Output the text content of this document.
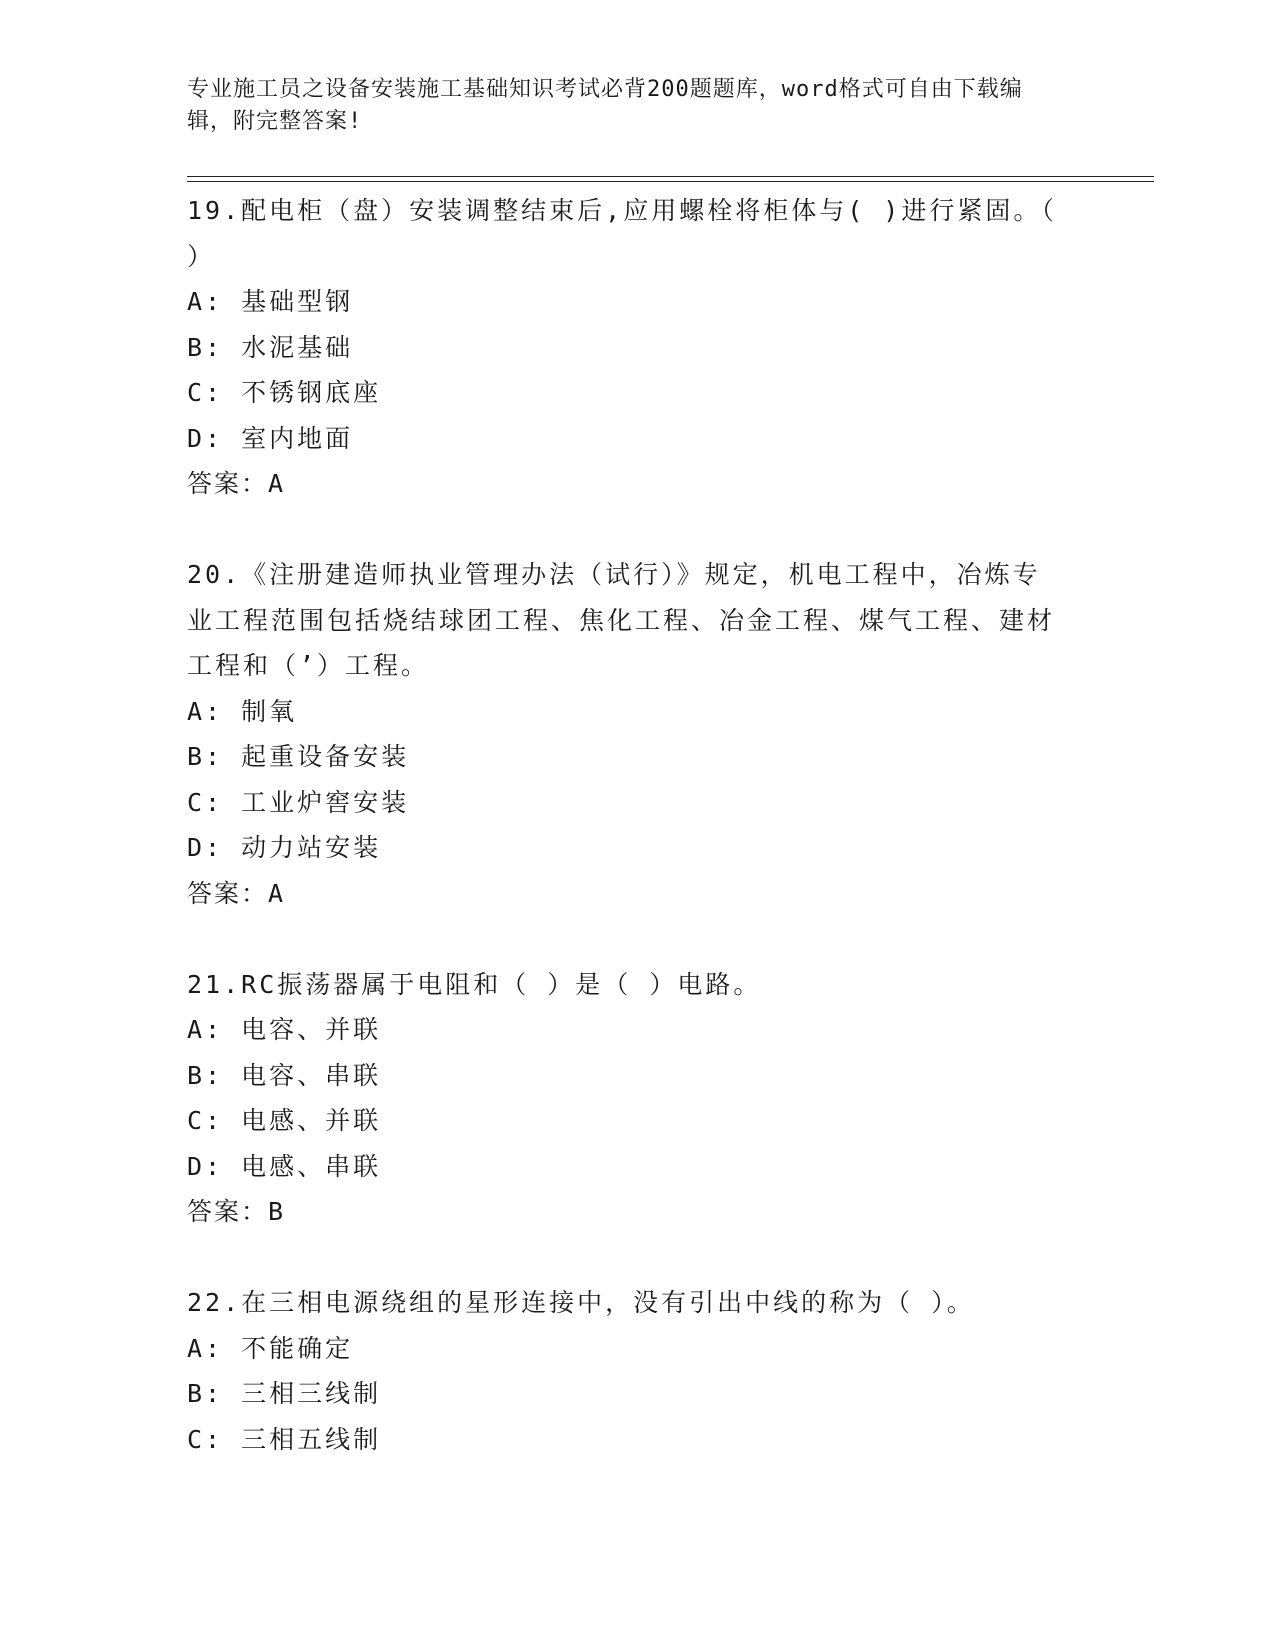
专业施工员之设备安装施工基础知识考试必背200题题库，word格式可自由下载编辑，附完整答案!
19.配电柜（盘）安装调整结束后,应用螺栓将柜体与( )进行紧固。（ ）
A: 基础型钢
B: 水泥基础
C: 不锈钢底座
D: 室内地面
答案：A
20.《注册建造师执业管理办法（试行）》规定，机电工程中，冶炼专业工程范围包括烧结球团工程、焦化工程、冶金工程、煤气工程、建材工程和（’）工程。
A: 制氧
B: 起重设备安装
C: 工业炉窖安装
D: 动力站安装
答案：A
21.RC振荡器属于电阻和（ ）是（ ）电路。
A: 电容、并联
B: 电容、串联
C: 电感、并联
D: 电感、串联
答案：B
22.在三相电源绕组的星形连接中，没有引出中线的称为（ ）。
A: 不能确定
B: 三相三线制
C: 三相五线制
